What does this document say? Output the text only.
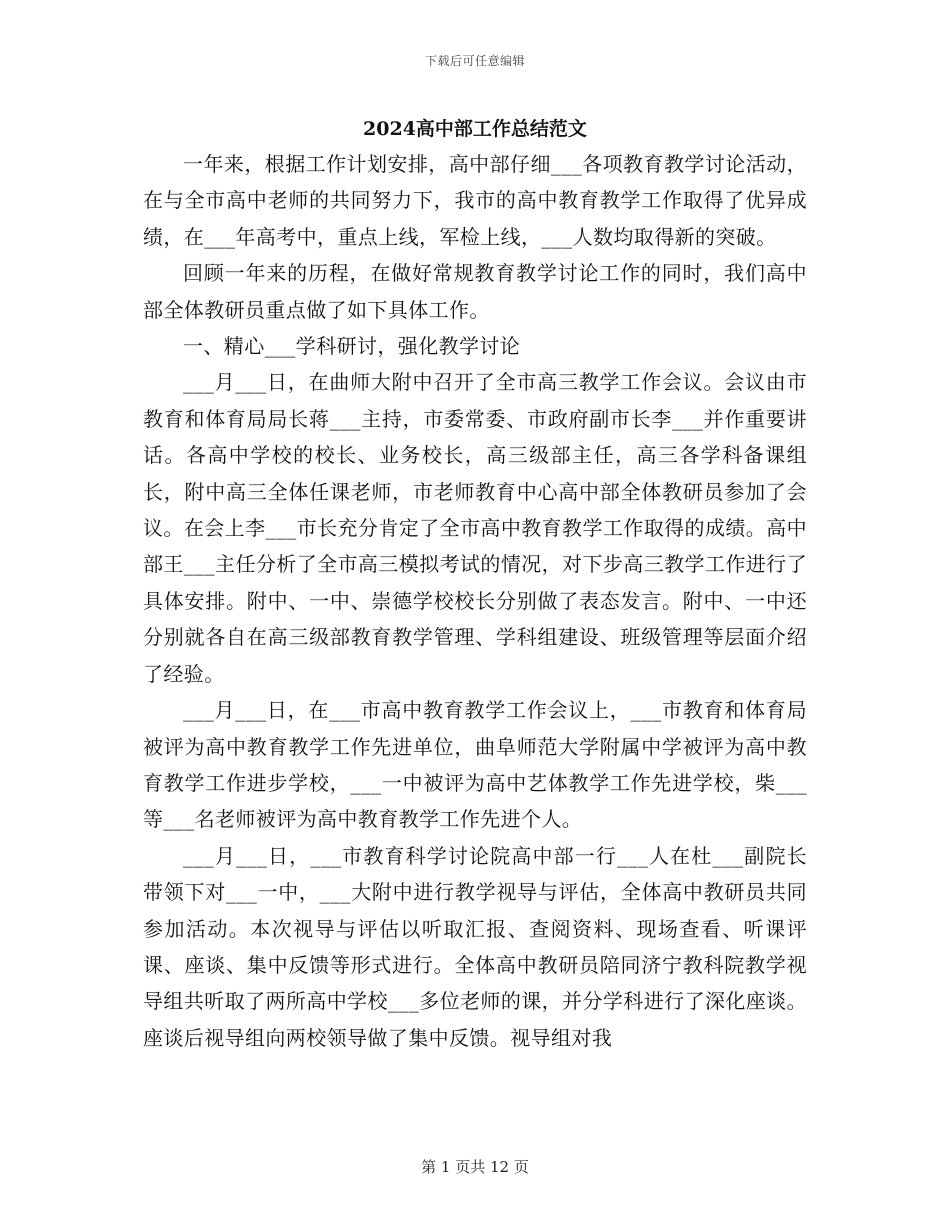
下载后可任意编辑
2024高中部工作总结范文

一年来，根据工作计划安排，高中部仔细___各项教育教学讨论活动，在与全市高中老师的共同努力下，我市的高中教育教学工作取得了优异成绩，在___年高考中，重点上线，军检上线，___人数均取得新的突破。

回顾一年来的历程，在做好常规教育教学讨论工作的同时，我们高中部全体教研员重点做了如下具体工作。

一、精心___学科研讨，强化教学讨论

___月___日，在曲师大附中召开了全市高三教学工作会议。会议由市教育和体育局局长蒋___主持，市委常委、市政府副市长李___并作重要讲话。各高中学校的校长、业务校长，高三级部主任，高三各学科备课组长，附中高三全体任课老师，市老师教育中心高中部全体教研员参加了会议。在会上李___市长充分肯定了全市高中教育教学工作取得的成绩。高中部王___主任分析了全市高三模拟考试的情况，对下步高三教学工作进行了具体安排。附中、一中、崇德学校校长分别做了表态发言。附中、一中还分别就各自在高三级部教育教学管理、学科组建设、班级管理等层面介绍了经验。

___月___日，在___市高中教育教学工作会议上，___市教育和体育局被评为高中教育教学工作先进单位，曲阜师范大学附属中学被评为高中教育教学工作进步学校，___一中被评为高中艺体教学工作先进学校，柴___等___名老师被评为高中教育教学工作先进个人。

___月___日，___市教育科学讨论院高中部一行___人在杜___副院长带领下对___一中，___大附中进行教学视导与评估，全体高中教研员共同参加活动。本次视导与评估以听取汇报、查阅资料、现场查看、听课评课、座谈、集中反馈等形式进行。全体高中教研员陪同济宁教科院教学视导组共听取了两所高中学校___多位老师的课，并分学科进行了深化座谈。座谈后视导组向两校领导做了集中反馈。视导组对我

第 1 页共 12 页
